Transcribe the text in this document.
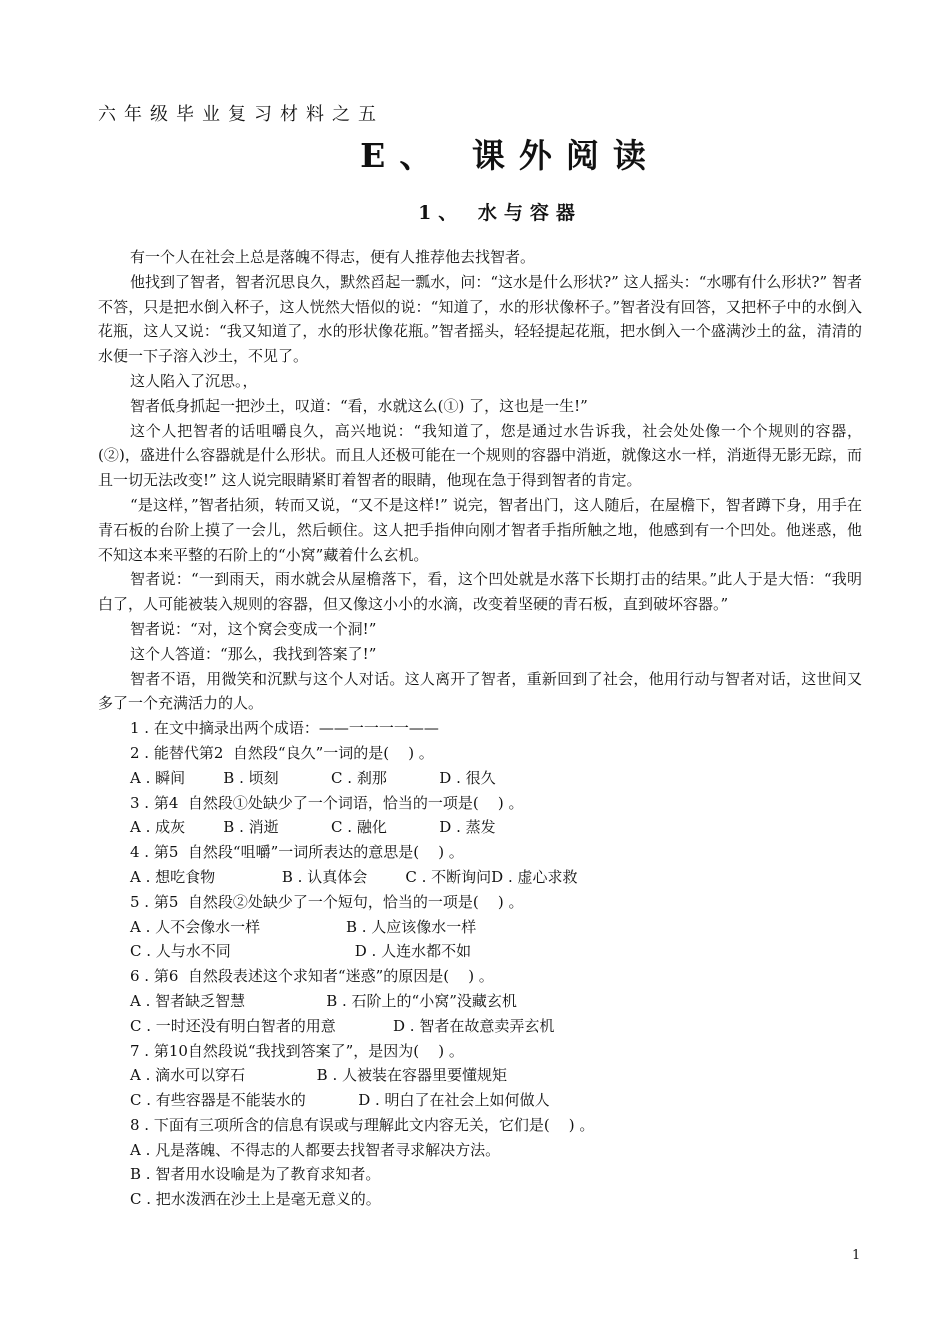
六年级毕业复习材料之五
E、 课外阅读
1、 水与容器

有一个人在社会上总是落魄不得志，便有人推荐他去找智者。

他找到了智者，智者沉思良久，默然舀起一瓢水，问：“这水是什么形状?” 这人摇头：“水哪有什么形状?” 智者不答，只是把水倒入杯子，这人恍然大悟似的说：“知道了，水的形状像杯子。”智者没有回答，又把杯子中的水倒入花瓶，这人又说：“我又知道了，水的形状像花瓶。”智者摇头，轻轻提起花瓶，把水倒入一个盛满沙土的盆，清清的水便一下子溶入沙土，不见了。

这人陷入了沉思。，

智者低身抓起一把沙土，叹道：“看，水就这么(①) 了，这也是一生!”

这个人把智者的话咀嚼良久，高兴地说：“我知道了，您是通过水告诉我，社会处处像一个个规则的容器，(②)，盛进什么容器就是什么形状。而且人还极可能在一个规则的容器中消逝，就像这水一样，消逝得无影无踪，而且一切无法改变!” 这人说完眼睛紧盯着智者的眼睛，他现在急于得到智者的肯定。

“是这样，”智者拈须，转而又说，“又不是这样!” 说完，智者出门，这人随后，在屋檐下，智者蹲下身，用手在青石板的台阶上摸了一会儿，然后顿住。这人把手指伸向刚才智者手指所触之地，他感到有一个凹处。他迷惑，他不知这本来平整的石阶上的“小窝”藏着什么玄机。

智者说：“一到雨天，雨水就会从屋檐落下，看，这个凹处就是水落下长期打击的结果。”此人于是大悟：“我明白了，人可能被装入规则的容器，但又像这小小的水滴，改变着坚硬的青石板，直到破坏容器。”

智者说：“对，这个窝会变成一个洞!”

这个人答道：“那么，我找到答案了!”

智者不语，用微笑和沉默与这个人对话。这人离开了智者，重新回到了社会，他用行动与智者对话，这世间又多了一个充满活力的人。

1 . 在文中摘录出两个成语：——一一一一——
2 . 能替代第2  自然段“良久”一词的是(    ) 。
A . 瞬间        B . 顷刻           C . 刹那           D . 很久
3 . 第4  自然段①处缺少了一个词语，恰当的一项是(    ) 。
A . 成灰        B . 消逝           C . 融化           D . 蒸发
4 . 第5  自然段“咀嚼”一词所表达的意思是(    ) 。
A . 想吃食物              B . 认真体会        C . 不断询问D . 虚心求救
5 . 第5  自然段②处缺少了一个短句，恰当的一项是(    ) 。
A . 人不会像水一样                  B . 人应该像水一样
C . 人与水不同                          D . 人连水都不如
6 . 第6  自然段表述这个求知者“迷惑”的原因是(    ) 。
A . 智者缺乏智慧                 B . 石阶上的“小窝”没藏玄机
C . 一时还没有明白智者的用意            D . 智者在故意卖弄玄机
7 . 第10自然段说“我找到答案了”，是因为(    ) 。
A . 滴水可以穿石               B . 人被装在容器里要懂规矩
C . 有些容器是不能装水的           D . 明白了在社会上如何做人
8 . 下面有三项所含的信息有误或与理解此文内容无关，它们是(    ) 。
A . 凡是落魄、不得志的人都要去找智者寻求解决方法。
B . 智者用水设喻是为了教育求知者。
C . 把水泼洒在沙土上是毫无意义的。
1
